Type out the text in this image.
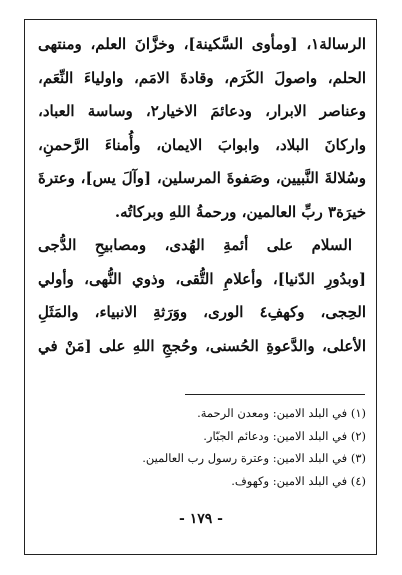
الرسالة١، [ومأوى السَّكينة]، وخزَّانَ العلم، ومنتهى
الحلم، واصولَ الكَرَم، وقادةَ الامَم، واولياءَ النِّعَم،
وعناصر الابرار، ودعائمَ الاخيار٢، وساسة العباد،
واركانَ البلاد، وابوابَ الايمان، وأُمناءَ الرَّحمنِ،
وسُلالةَ النَّبيين، وصَفوةَ المرسلين، [وآلَ يس]، وعترةَ
خيرَة٣ ربِّ العالمين، ورحمةُ اللهِ وبركاتُه.
السلام على أئمةِ الهُدى، ومصابيحِ الدُّجى
[وبدُورِ الدّنيا]، وأعلامِ التُّقى، وذوي النُّهى، وأولي
الحِجى، وكهفِ٤ الورى، ووَرَثةِ الانبياء، والمَثَلِ
الأعلى، والدَّعوةِ الحُسنى، وحُججِ اللهِ على [مَنْ في
(١) في البلد الامين: ومعدن الرحمة.
(٢) في البلد الامين: ودعائم الجبّار.
(٣) في البلد الامين: وعترة رسول رب العالمين.
(٤) في البلد الامين: وكهوف.
- ١٧٩ -
